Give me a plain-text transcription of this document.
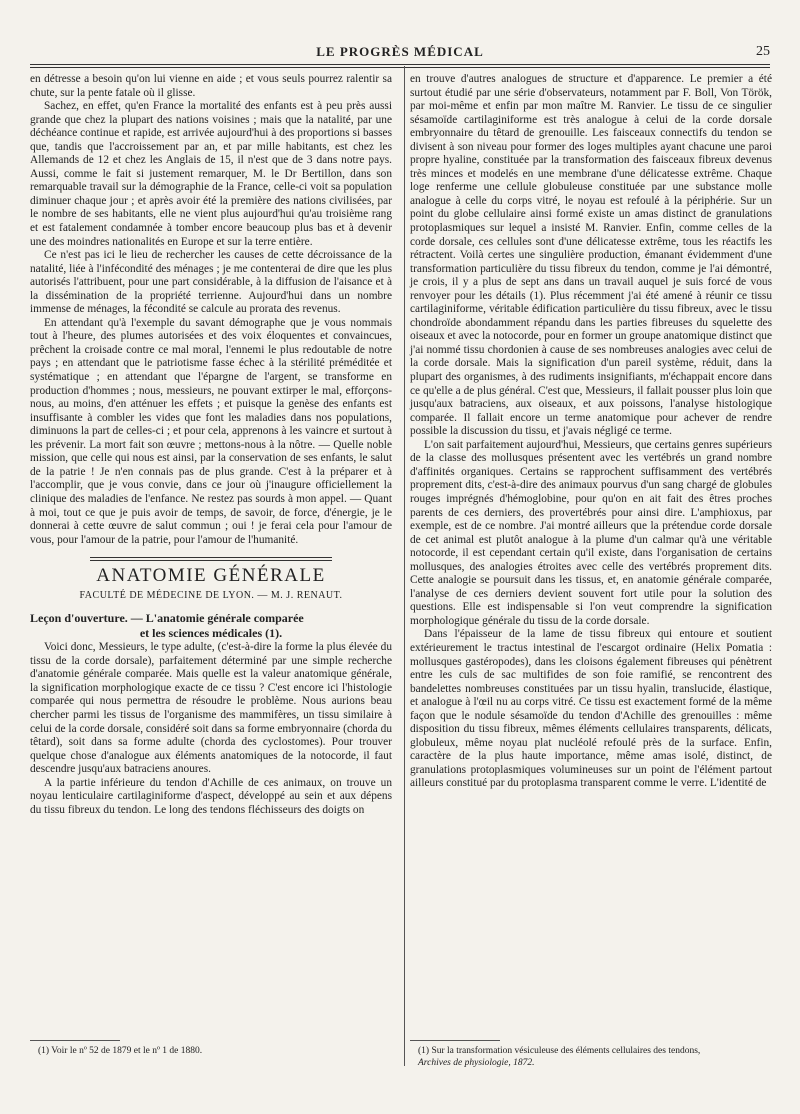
LE PROGRÈS MÉDICAL	25

en détresse a besoin qu'on lui vienne en aide ; et vous seuls pourrez ralentir sa chute, sur la pente fatale où il glisse.

Sachez, en effet, qu'en France la mortalité des enfants est à peu près aussi grande que chez la plupart des nations voisines ; mais que la natalité, par une déchéance continue et rapide, est arrivée aujourd'hui à des proportions si basses que, tandis que l'accroissement par an, et par mille habitants, est chez les Allemands de 12 et chez les Anglais de 15, il n'est que de 3 dans notre pays. Aussi, comme le fait si justement remarquer, M. le Dr Bertillon, dans son remarquable travail sur la démographie de la France, celle-ci voit sa population diminuer chaque jour ; et après avoir été la première des nations civilisées, par le nombre de ses habitants, elle ne vient plus aujourd'hui qu'au troisième rang et est fatalement condamnée à tomber encore beaucoup plus bas et à devenir une des moindres nationalités en Europe et sur la terre entière.

Ce n'est pas ici le lieu de rechercher les causes de cette décroissance de la natalité, liée à l'infécondité des ménages ; je me contenterai de dire que les plus autorisés l'attribuent, pour une part considérable, à la diffusion de l'aisance et à la dissémination de la propriété terrienne. Aujourd'hui dans un nombre immense de ménages, la fécondité se calcule au prorata des revenus.

En attendant qu'à l'exemple du savant démographe que je vous nommais tout à l'heure, des plumes autorisées et des voix éloquentes et convaincues, prêchent la croisade contre ce mal moral, l'ennemi le plus redoutable de notre pays ; en attendant que le patriotisme fasse échec à la stérilité préméditée et systématique ; en attendant que l'épargne de l'argent, se transforme en production d'hommes ; nous, messieurs, ne pouvant extirper le mal, efforçons-nous, au moins, d'en atténuer les effets ; et puisque la genèse des enfants est insuffisante à combler les vides que font les maladies dans nos populations, diminuons la part de celles-ci ; et pour cela, apprenons à les vaincre et surtout à les prévenir. La mort fait son œuvre ; mettons-nous à la nôtre. — Quelle noble mission, que celle qui nous est ainsi, par la conservation de ses enfants, le salut de la patrie ! Je n'en connais pas de plus grande. C'est à la préparer et à l'accomplir, que je vous convie, dans ce jour où j'inaugure officiellement la clinique des maladies de l'enfance. Ne restez pas sourds à mon appel. — Quant à moi, tout ce que je puis avoir de temps, de savoir, de force, d'énergie, je le donnerai à cette œuvre de salut commun ; oui ! je ferai cela pour l'amour de vous, pour l'amour de la patrie, pour l'amour de l'humanité.

ANATOMIE GÉNÉRALE
FACULTÉ DE MÉDECINE DE LYON. — M. J. RENAUT.

Leçon d'ouverture. — L'anatomie générale comparée
et les sciences médicales (1).

Voici donc, Messieurs, le type adulte, (c'est-à-dire la forme la plus élevée du tissu de la corde dorsale), parfaitement déterminé par une simple recherche d'anatomie générale comparée. Mais quelle est la valeur anatomique générale, la signification morphologique exacte de ce tissu ? C'est encore ici l'histologie comparée qui nous permettra de résoudre le problème. Nous aurions beau chercher parmi les tissus de l'organisme des mammifères, un tissu similaire à celui de la corde dorsale, considéré soit dans sa forme embryonnaire (chorda du têtard), soit dans sa forme adulte (chorda des cyclostomes). Pour trouver quelque chose d'analogue aux éléments anatomiques de la notocorde, il faut descendre jusqu'aux batraciens anoures.

A la partie inférieure du tendon d'Achille de ces animaux, on trouve un noyau lenticulaire cartilaginiforme d'aspect, développé au sein et aux dépens du tissu fibreux du tendon. Le long des tendons fléchisseurs des doigts on

en trouve d'autres analogues de structure et d'apparence. Le premier a été surtout étudié par une série d'observateurs, notamment par F. Boll, Von Török, par moi-même et enfin par mon maître M. Ranvier. Le tissu de ce singulier sésamoïde cartilaginiforme est très analogue à celui de la corde dorsale embryonnaire du têtard de grenouille. Les faisceaux connectifs du tendon se divisent à son niveau pour former des loges multiples ayant chacune une paroi propre hyaline, constituée par la transformation des faisceaux fibreux devenus très minces et modelés en une membrane d'une délicatesse extrême. Chaque loge renferme une cellule globuleuse constituée par une substance molle analogue à celle du corps vitré, le noyau est refoulé à la périphérie. Sur un point du globe cellulaire ainsi formé existe un amas distinct de granulations protoplasmiques sur lequel a insisté M. Ranvier. Enfin, comme celles de la corde dorsale, ces cellules sont d'une délicatesse extrême, tous les réactifs les rétractent. Voilà certes une singulière production, émanant évidemment d'une transformation particulière du tissu fibreux du tendon, comme je l'ai démontré, je crois, il y a plus de sept ans dans un travail auquel je suis forcé de vous renvoyer pour les détails (1). Plus récemment j'ai été amené à réunir ce tissu cartilaginiforme, véritable édification particulière du tissu fibreux, avec le tissu chondroïde abondamment répandu dans les parties fibreuses du squelette des oiseaux et avec la notocorde, pour en former un groupe anatomique distinct que j'ai nommé tissu chordonien à cause de ses nombreuses analogies avec celui de la corde dorsale. Mais la signification d'un pareil système, réduit, dans la plupart des organismes, à des rudiments insignifiants, m'échappait encore dans ce qu'elle a de plus général. C'est que, Messieurs, il fallait pousser plus loin que jusqu'aux batraciens, aux oiseaux, et aux poissons, l'analyse histologique comparée. Il fallait encore un terme anatomique pour achever de rendre possible la discussion du tissu, et j'avais négligé ce terme.

L'on sait parfaitement aujourd'hui, Messieurs, que certains genres supérieurs de la classe des mollusques présentent avec les vertébrés un grand nombre d'affinités organiques. Certains se rapprochent suffisamment des vertébrés proprement dits, c'est-à-dire des animaux pourvus d'un sang chargé de globules rouges imprégnés d'hémoglobine, pour qu'on en ait fait des êtres proches parents de ces derniers, des provertébrés pour ainsi dire. L'amphioxus, par exemple, est de ce nombre. J'ai montré ailleurs que la prétendue corde dorsale de cet animal est plutôt analogue à la plume d'un calmar qu'à une véritable notocorde, il est cependant certain qu'il existe, dans l'organisation de certains mollusques, des analogies étroites avec celle des vertébrés proprement dits. Cette analogie se poursuit dans les tissus, et, en anatomie générale comparée, l'analyse de ces derniers devient souvent fort utile pour la solution des questions. Elle est indispensable si l'on veut comprendre la signification morphologique générale du tissu de la corde dorsale.

Dans l'épaisseur de la lame de tissu fibreux qui entoure et soutient extérieurement le tractus intestinal de l'escargot ordinaire (Helix Pomatia : mollusques gastéropodes), dans les cloisons également fibreuses qui pénètrent entre les culs de sac multifides de son foie ramifié, se rencontrent des bandelettes nombreuses constituées par un tissu hyalin, translucide, élastique, et analogue à l'œil nu au corps vitré. Ce tissu est exactement formé de la même façon que le nodule sésamoïde du tendon d'Achille des grenouilles : même disposition du tissu fibreux, mêmes éléments cellulaires transparents, délicats, globuleux, même noyau plat nucléolé refoulé près de la surface. Enfin, caractère de la plus haute importance, même amas isolé, distinct, de granulations protoplasmiques volumineuses sur un point de l'élément partout ailleurs constitué par du protoplasma transparent comme le verre. L'identité de

(1) Voir le nº 52 de 1879 et le nº 1 de 1880.	(1) Sur la transformation vésiculeuse des éléments cellulaires des tendons,

Archives de physiologie, 1872.
